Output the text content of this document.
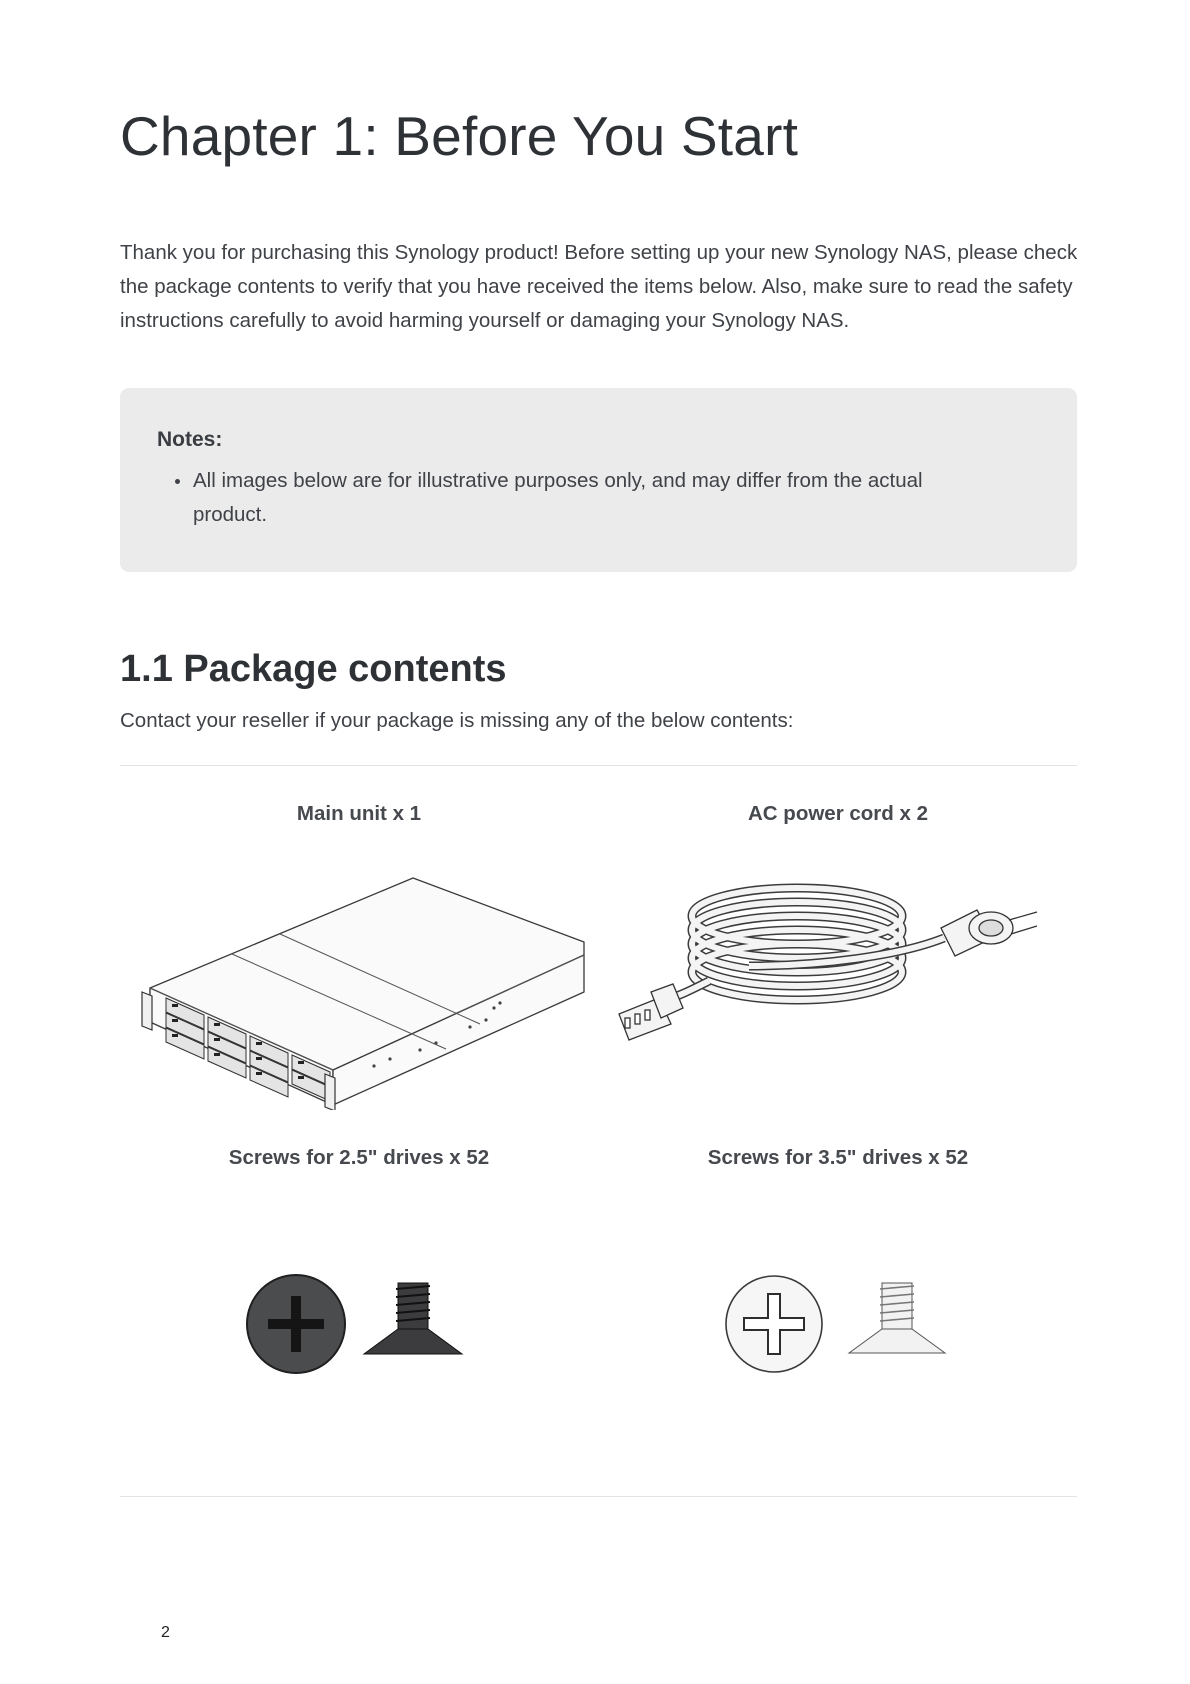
Chapter 1: Before You Start

Thank you for purchasing this Synology product! Before setting up your new Synology NAS, please check the package contents to verify that you have received the items below. Also, make sure to read the safety instructions carefully to avoid harming yourself or damaging your Synology NAS.

Notes:

All images below are for illustrative purposes only, and may differ from the actual product.
1.1 Package contents

Contact your reseller if your package is missing any of the below contents:

Main unit x 1	AC power cord x 2

Screws for 2.5" drives x 52	Screws for 3.5" drives x 52

2
